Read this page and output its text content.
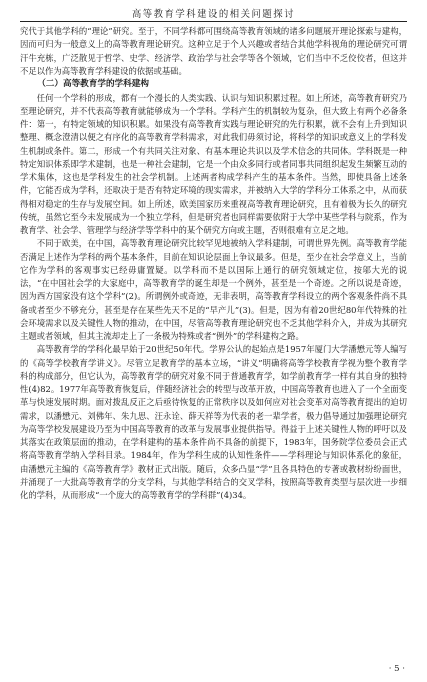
高等教育学科建设的相关问题探讨

究代于其他学科的“理论”研究。至于，不同学科都可围绕高等教育领域的诸多问题展开理论探索与建构，因而可归为一般意义上的高等教育理论研究。这种立足于个人兴趣或者结合其他学科视角的理论研究可谓汗牛充栋，广泛散见于哲学、史学、经济学、政治学与社会学等各个领域，它们当中不乏佼佼者，但这并不足以作为高等教育学科建设的依据或基础。

（二）高等教育学的学科建构

任何一个学科的形成，都有一个漫长的人类实践、认识与知识积累过程。如上所述，高等教育研究乃至理论研究，并不代表高等教育就能够成为一个学科。学科产生的机制较为复杂，但大致上有两个必备条件：第一，有特定领域的知识积累。如果没有高等教育实践与理论研究的先行积累，就不会有上升到知识整理、概念澄清以便之有序化的高等教育学科需求，对此我们毋须讨论，将科学的知识或意义上的学科发生机制或条件。第二，形成一个有共同关注对象、有基本理论共识以及学术信念的共同体。学科既是一种特定知识体系即学术建制，也是一种社会建制，它是一个由众多同行或者同事共同组织起发生频繁互动的学术集体，这也是学科发生的社会学机制。上述两者构成学科产生的基本条件。当然，即使具备上述条件，它能否成为学科，还取决于是否有特定环境的现实需求，并被纳入大学的学科分工体系之中，从而获得相对稳定的生存与发展空间。如上所述，欧美国家历来重视高等教育理论研究，且有着极为长久的研究传统，虽然它至今未发展成为一个独立学科，但是研究者也同样需要依附于大学中某些学科与院系，作为教育学、社会学、管理学与经济学等学科中的某个研究方向或主题，否则很难有立足之地。

不同于欧美，在中国，高等教育理论研究比较罕见地被纳入学科建制，可谓世界先例。高等教育学能否满足上述作为学科的两个基本条件，目前在知识论层面上争议最多。但是，至少在社会学意义上，当前它作为学科的客观事实已经毋庸置疑。以学科而不是以国际上通行的研究领域定位，按邬大光的说法，“在中国社会学的大家庭中，高等教育学的诞生却是一个例外，甚至是一个奇迹。之所以说是奇迹，因为西方国家没有这个学科”(2)。所谓例外或奇迹，无非表明，高等教育学科设立的两个客观条件尚不具备或者至少不够充分，甚至是存在某些先天不足的“早产儿”(3)。但是，因为有着20世纪80年代特殊的社会环境需求以及关键性人物的推动，在中国，尽管高等教育理论研究也不乏其他学科介入，并成为其研究主题或者领域，但其主流却走上了一条极为特殊或者“例外”的学科建构之路。

高等教育学的学科化最早始于20世纪50年代。学界公认的起始点是1957年厦门大学潘懋元等人编写的《高等学校教育学讲义》。尽管立足教育学的基本立场，“讲义”明确将高等学校教育学视为整个教育学科的构成部分，但它认为，高等教育学的研究对象不同于普通教育学，如学前教育学一样有其自身的独特性(4)82。1977年高等教育恢复后，伴随经济社会的转型与改革开放，中国高等教育也进入了一个全面变革与快速发展时期。面对拨乱反正之后亟待恢复的正常秩序以及如何应对社会变革对高等教育提出的迫切需求，以潘懋元、刘佛年、朱九思、汪永诠、薛天祥等为代表的老一辈学者，极力倡导通过加强理论研究为高等学校发展建设乃至为中国高等教育的改革与发展事业提供指导。得益于上述关键性人物的呼吁以及其落实在政策层面的推动，在学科建构的基本条件尚不具备的前提下，1983年，国务院学位委员会正式将高等教育学纳入学科目录。1984年，作为学科生成的认知性条件——学科理论与知识体系化的象征，由潘懋元主编的《高等教育学》教材正式出版。随后，众多凸显“学”且各具特色的专著或教材纷纷面世，并涌现了一大批高等教育学的分支学科，与其他学科结合的交叉学科，按照高等教育类型与层次进一步细化的学科，从而形成“一个庞大的高等教育学的学科群”(4)34。

· 5 ·
